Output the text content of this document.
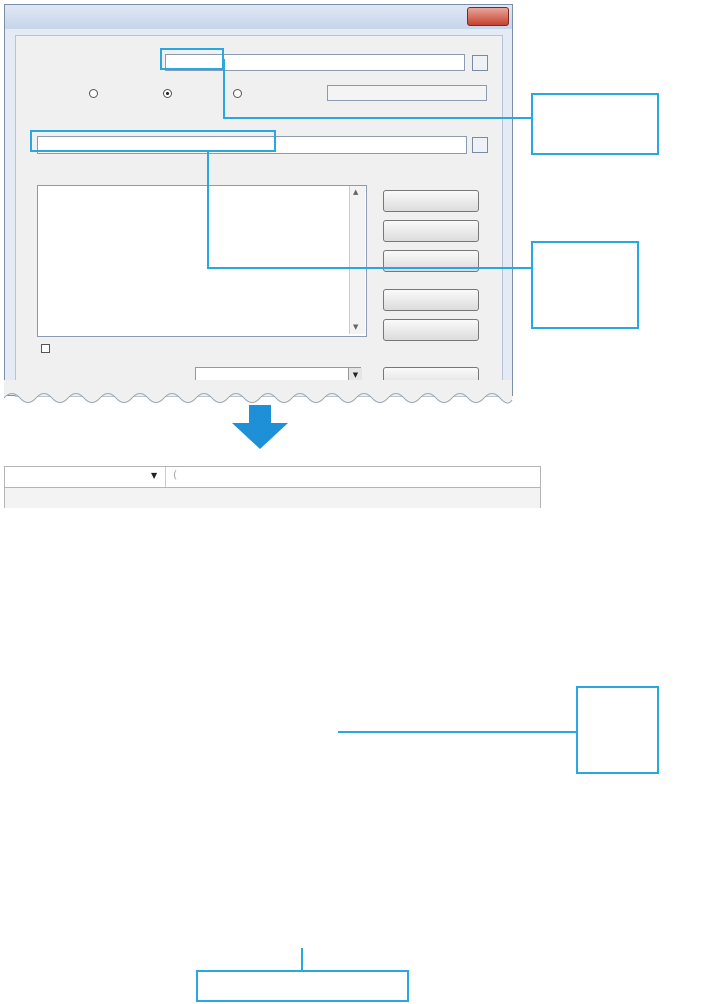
▲
▼
▼
▼ (
